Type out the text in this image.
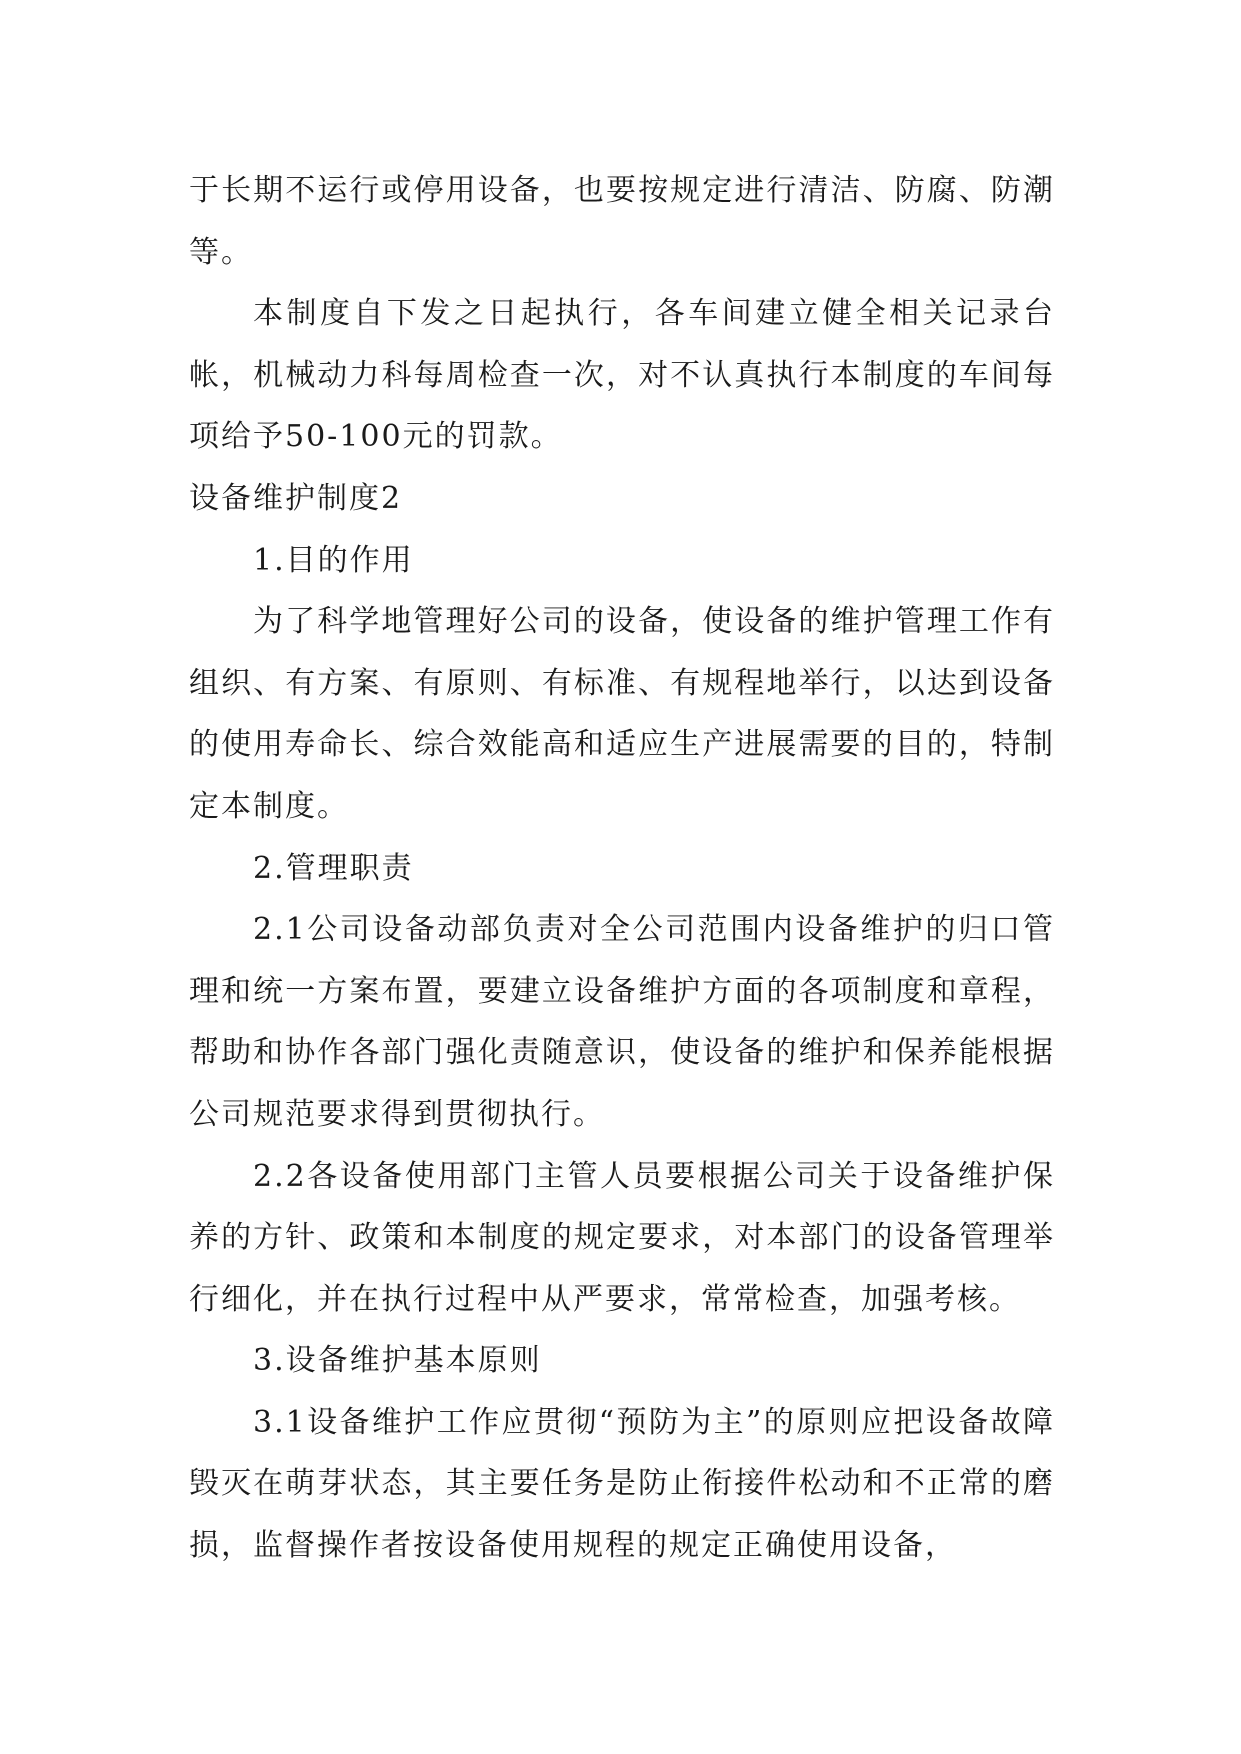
于长期不运行或停用设备，也要按规定进行清洁、防腐、防潮等。

本制度自下发之日起执行，各车间建立健全相关记录台帐，机械动力科每周检查一次，对不认真执行本制度的车间每项给予50-100元的罚款。

设备维护制度2

1.目的作用

为了科学地管理好公司的设备，使设备的维护管理工作有组织、有方案、有原则、有标准、有规程地举行，以达到设备的使用寿命长、综合效能高和适应生产进展需要的目的，特制定本制度。

2.管理职责

2.1公司设备动部负责对全公司范围内设备维护的归口管理和统一方案布置，要建立设备维护方面的各项制度和章程，帮助和协作各部门强化责随意识，使设备的维护和保养能根据公司规范要求得到贯彻执行。

2.2各设备使用部门主管人员要根据公司关于设备维护保养的方针、政策和本制度的规定要求，对本部门的设备管理举行细化，并在执行过程中从严要求，常常检查，加强考核。

3.设备维护基本原则

3.1设备维护工作应贯彻“预防为主”的原则应把设备故障毁灭在萌芽状态，其主要任务是防止衔接件松动和不正常的磨损，监督操作者按设备使用规程的规定正确使用设备，
